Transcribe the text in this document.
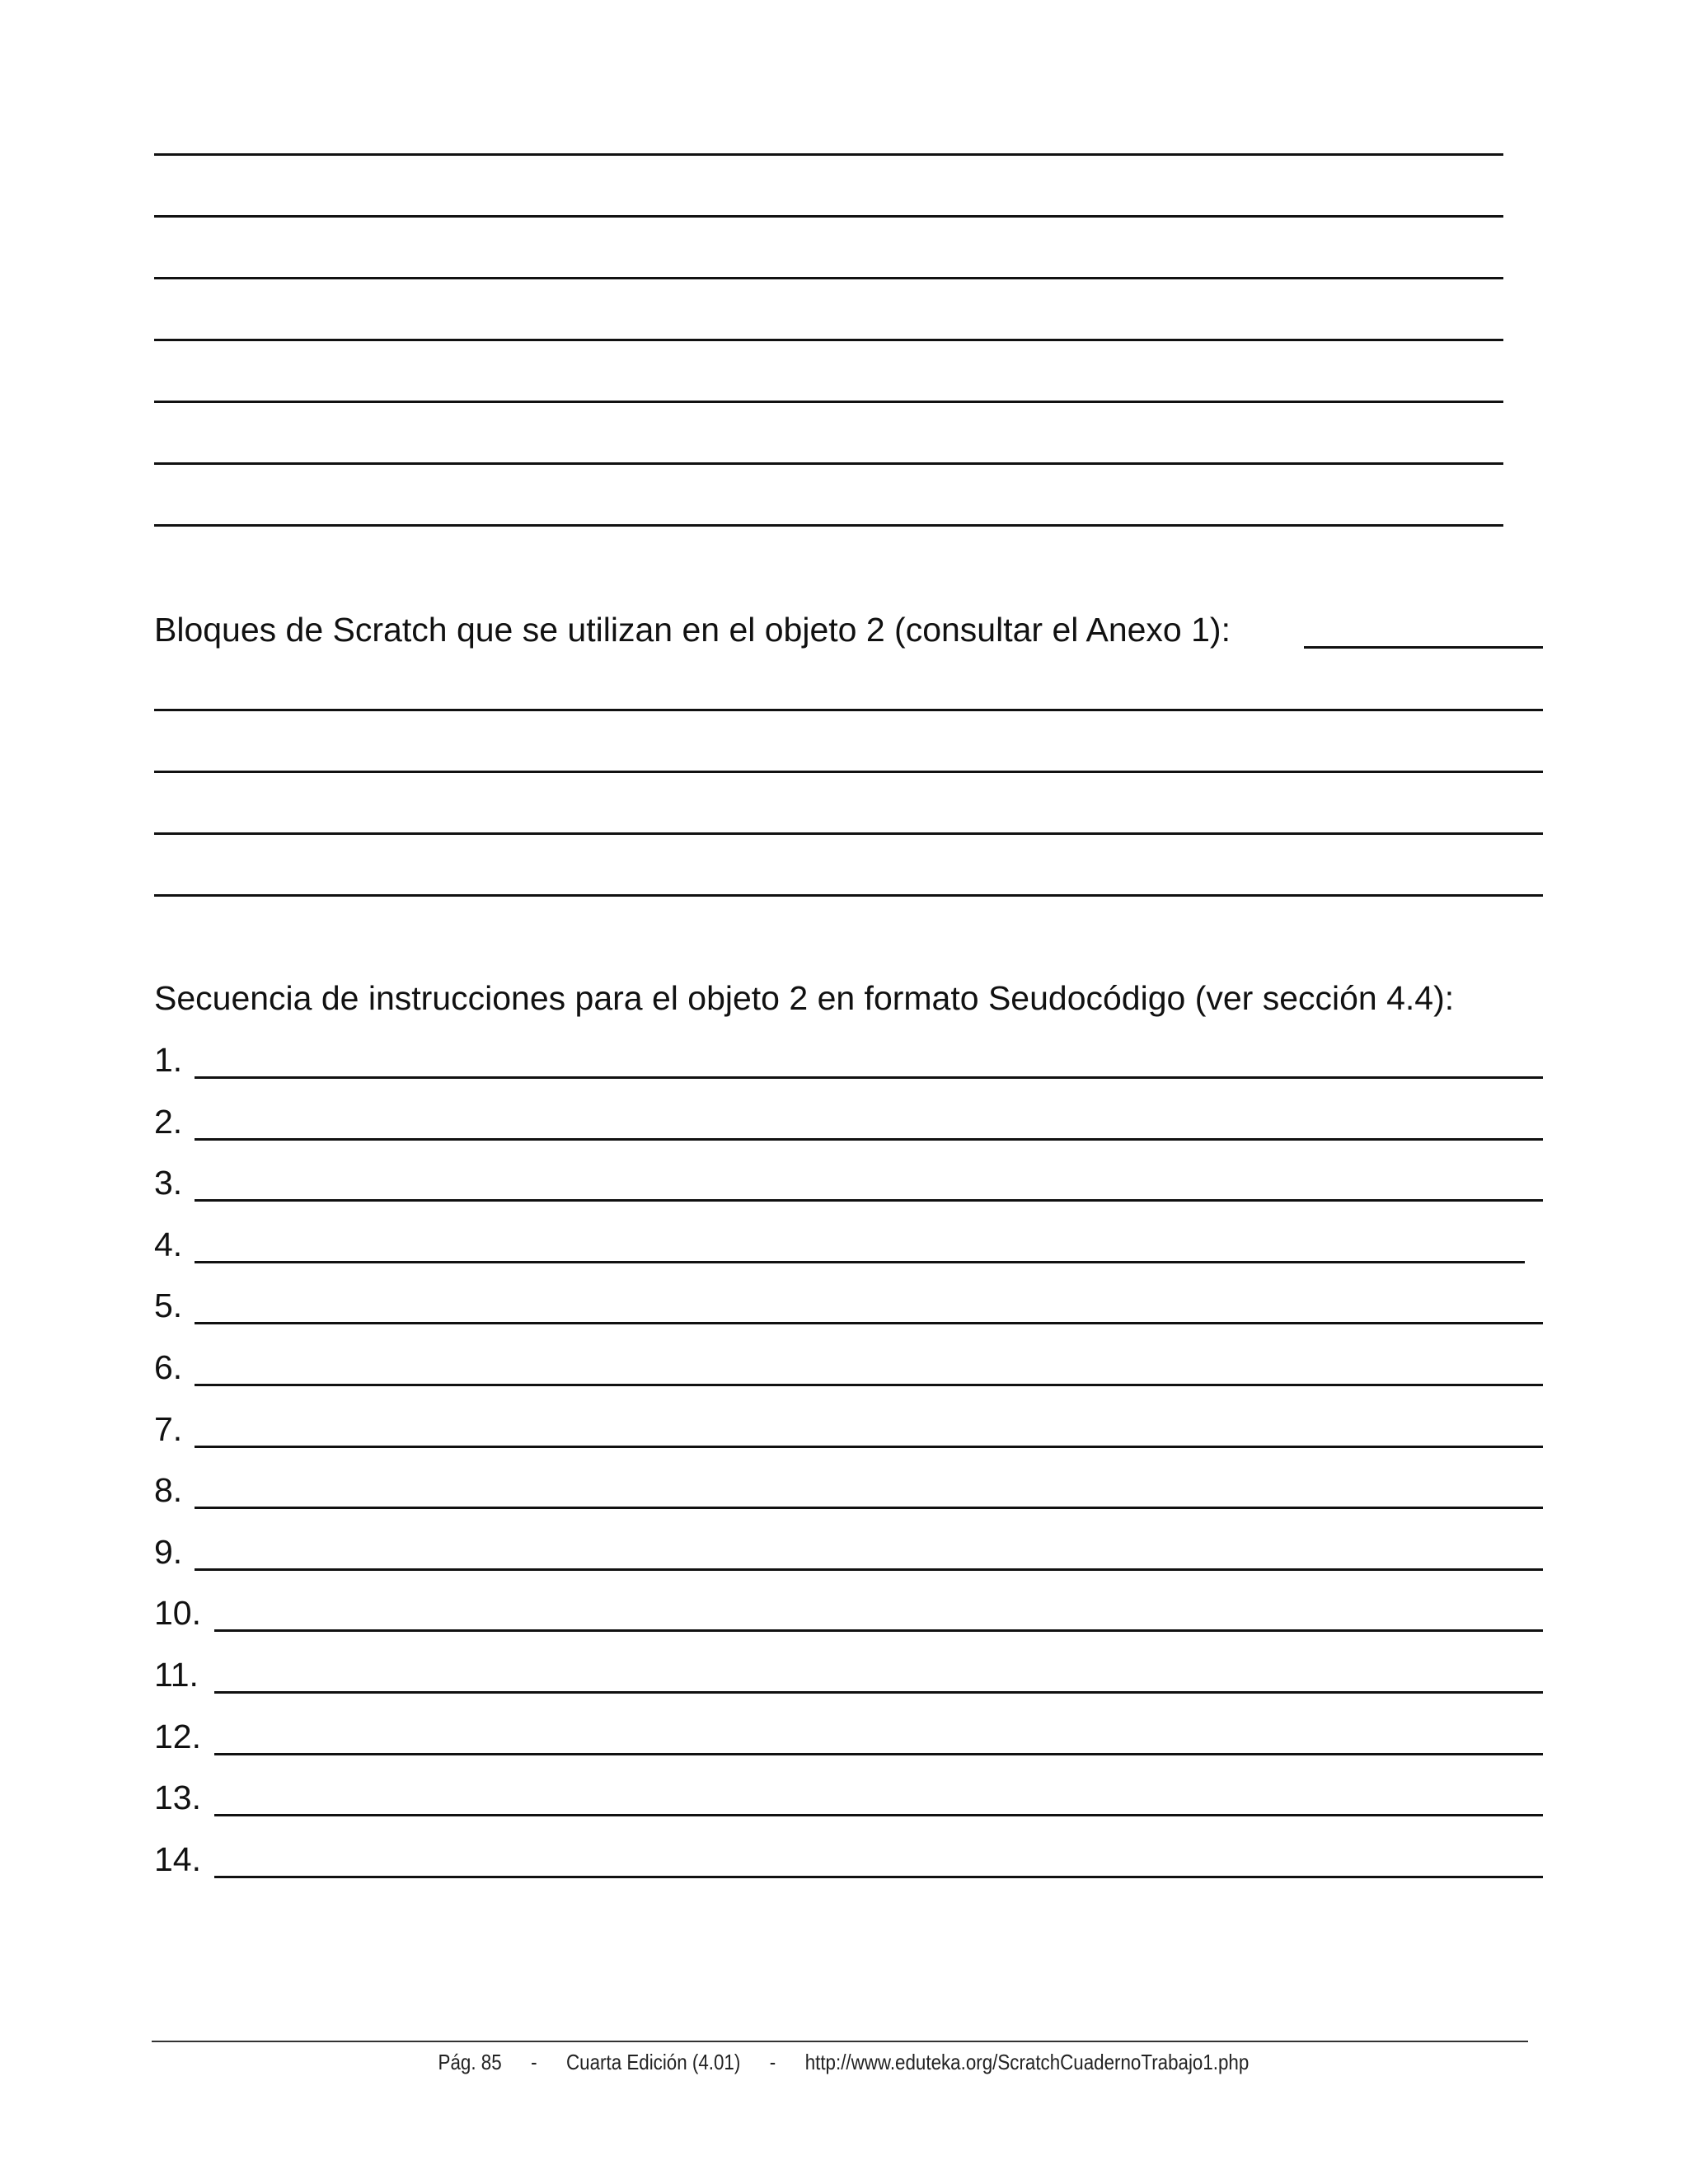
Bloques de Scratch que se utilizan en el objeto 2 (consultar el Anexo 1):
Secuencia de instrucciones para el objeto 2 en formato Seudocódigo (ver sección 4.4):
1.
2.
3.
4.
5.
6.
7.
8.
9.
10.
11.
12.
13.
14.
Pág. 85 - Cuarta Edición (4.01) - http://www.eduteka.org/ScratchCuadernoTrabajo1.php
